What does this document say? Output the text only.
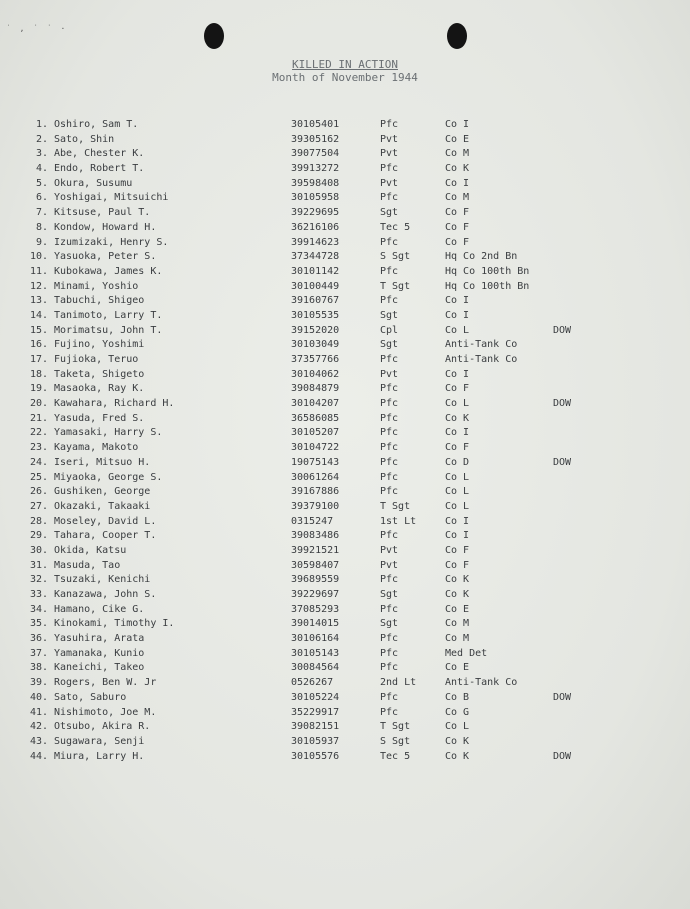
˙ , ˙ ˙ ·
KILLED IN ACTION
Month of November 1944
1. Oshiro, Sam T.	30105401	Pfc	Co I
2. Sato, Shin	39305162	Pvt	Co E
3. Abe, Chester K.	39077504	Pvt	Co M
4. Endo, Robert T.	39913272	Pfc	Co K
5. Okura, Susumu	39598408	Pvt	Co I
6. Yoshigai, Mitsuichi	30105958	Pfc	Co M
7. Kitsuse, Paul T.	39229695	Sgt	Co F
8. Kondow, Howard H.	36216106	Tec 5	Co F
9. Izumizaki, Henry S.	39914623	Pfc	Co F
10. Yasuoka, Peter S.	37344728	S Sgt	Hq Co 2nd Bn
11. Kubokawa, James K.	30101142	Pfc	Hq Co 100th Bn
12. Minami, Yoshio	30100449	T Sgt	Hq Co 100th Bn
13. Tabuchi, Shigeo	39160767	Pfc	Co I
14. Tanimoto, Larry T.	30105535	Sgt	Co I
15. Morimatsu, John T.	39152020	Cpl	Co L	DOW
16. Fujino, Yoshimi	30103049	Sgt	Anti-Tank Co
17. Fujioka, Teruo	37357766	Pfc	Anti-Tank Co
18. Taketa, Shigeto	30104062	Pvt	Co I
19. Masaoka, Ray K.	39084879	Pfc	Co F
20. Kawahara, Richard H.	30104207	Pfc	Co L	DOW
21. Yasuda, Fred S.	36586085	Pfc	Co K
22. Yamasaki, Harry S.	30105207	Pfc	Co I
23. Kayama, Makoto	30104722	Pfc	Co F
24. Iseri, Mitsuo H.	19075143	Pfc	Co D	DOW
25. Miyaoka, George S.	30061264	Pfc	Co L
26. Gushiken, George	39167886	Pfc	Co L
27. Okazaki, Takaaki	39379100	T Sgt	Co L
28. Moseley, David L.	0315247	1st Lt	Co I
29. Tahara, Cooper T.	39083486	Pfc	Co I
30. Okida, Katsu	39921521	Pvt	Co F
31. Masuda, Tao	30598407	Pvt	Co F
32. Tsuzaki, Kenichi	39689559	Pfc	Co K
33. Kanazawa, John S.	39229697	Sgt	Co K
34. Hamano, Cike G.	37085293	Pfc	Co E
35. Kinokami, Timothy I.	39014015	Sgt	Co M
36. Yasuhira, Arata	30106164	Pfc	Co M
37. Yamanaka, Kunio	30105143	Pfc	Med Det
38. Kaneichi, Takeo	30084564	Pfc	Co E
39. Rogers, Ben W. Jr	0526267	2nd Lt	Anti-Tank Co
40. Sato, Saburo	30105224	Pfc	Co B	DOW
41. Nishimoto, Joe M.	35229917	Pfc	Co G
42. Otsubo, Akira R.	39082151	T Sgt	Co L
43. Sugawara, Senji	30105937	S Sgt	Co K
44. Miura, Larry H.	30105576	Tec 5	Co K	DOW
